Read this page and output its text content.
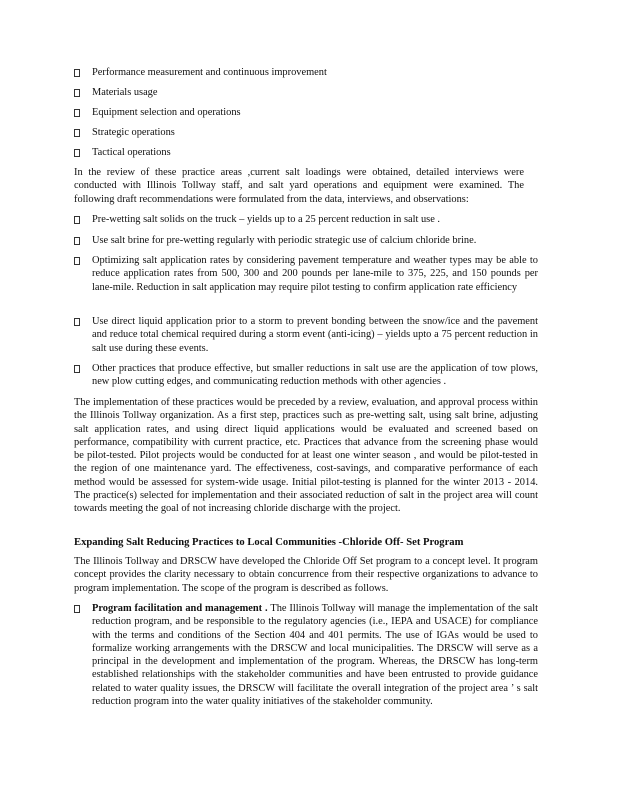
Performance measurement and continuous improvement
Materials usage
Equipment selection and operations
Strategic operations
Tactical operations
In the review of these practice areas ,current salt loadings were obtained, detailed interviews were conducted with Illinois Tollway staff, and salt yard operations and equipment were examined. The following draft recommendations were formulated from the data, interviews, and observations:
Pre-wetting salt solids on the truck – yields up to a 25 percent reduction in salt use .
Use salt brine for pre-wetting regularly with periodic strategic use of calcium chloride brine.
Optimizing salt application rates by considering pavement temperature and weather types may be able to reduce application rates from 500, 300 and 200 pounds per lane-mile to 375, 225, and 150 pounds per lane-mile. Reduction in salt application may require pilot testing to confirm application rate efficiency
Use direct liquid application prior to a storm to prevent bonding between the snow/ice and the pavement and reduce total chemical required during a storm event (anti-icing) – yields upto a 75 percent reduction in salt use during these events.
Other practices that produce effective, but smaller reductions in salt use are the application of tow plows, new plow cutting edges, and communicating reduction methods with other agencies .
The implementation of these practices would be preceded by a review, evaluation, and approval process within the Illinois Tollway organization. As a first step, practices such as pre-wetting salt, using salt brine, adjusting salt application rates, and using direct liquid applications would be evaluated and screened based on performance, compatibility with current practice, etc. Practices that advance from the screening phase would be pilot-tested. Pilot projects would be conducted for at least one winter season , and would be pilot-tested in the region of one maintenance yard. The effectiveness, cost-savings, and comparative performance of each method would be assessed for system-wide usage. Initial pilot-testing is planned for the winter 2013 - 2014. The practice(s) selected for implementation and their associated reduction of salt in the project area will count towards meeting the goal of not increasing chloride discharge with the project.
Expanding Salt Reducing Practices to Local Communities -Chloride Off- Set Program
The Illinois Tollway and DRSCW have developed the Chloride Off Set program to a concept level. It program concept provides the clarity necessary to obtain concurrence from their respective organizations to advance to program implementation. The scope of the program is described as follows.
Program facilitation and management . The Illinois Tollway will manage the implementation of the salt reduction program, and be responsible to the regulatory agencies (i.e., IEPA and USACE) for compliance with the terms and conditions of the Section 404 and 401 permits. The use of IGAs would be used to formalize working arrangements with the DRSCW and local municipalities. The DRSCW will serve as a principal in the development and implementation of the program. Whereas, the DRSCW has long-term established relationships with the stakeholder communities and have been entrusted to provide guidance related to water quality issues, the DRSCW will facilitate the overall integration of the project area ’ s salt reduction program into the water quality initiatives of the stakeholder community.
